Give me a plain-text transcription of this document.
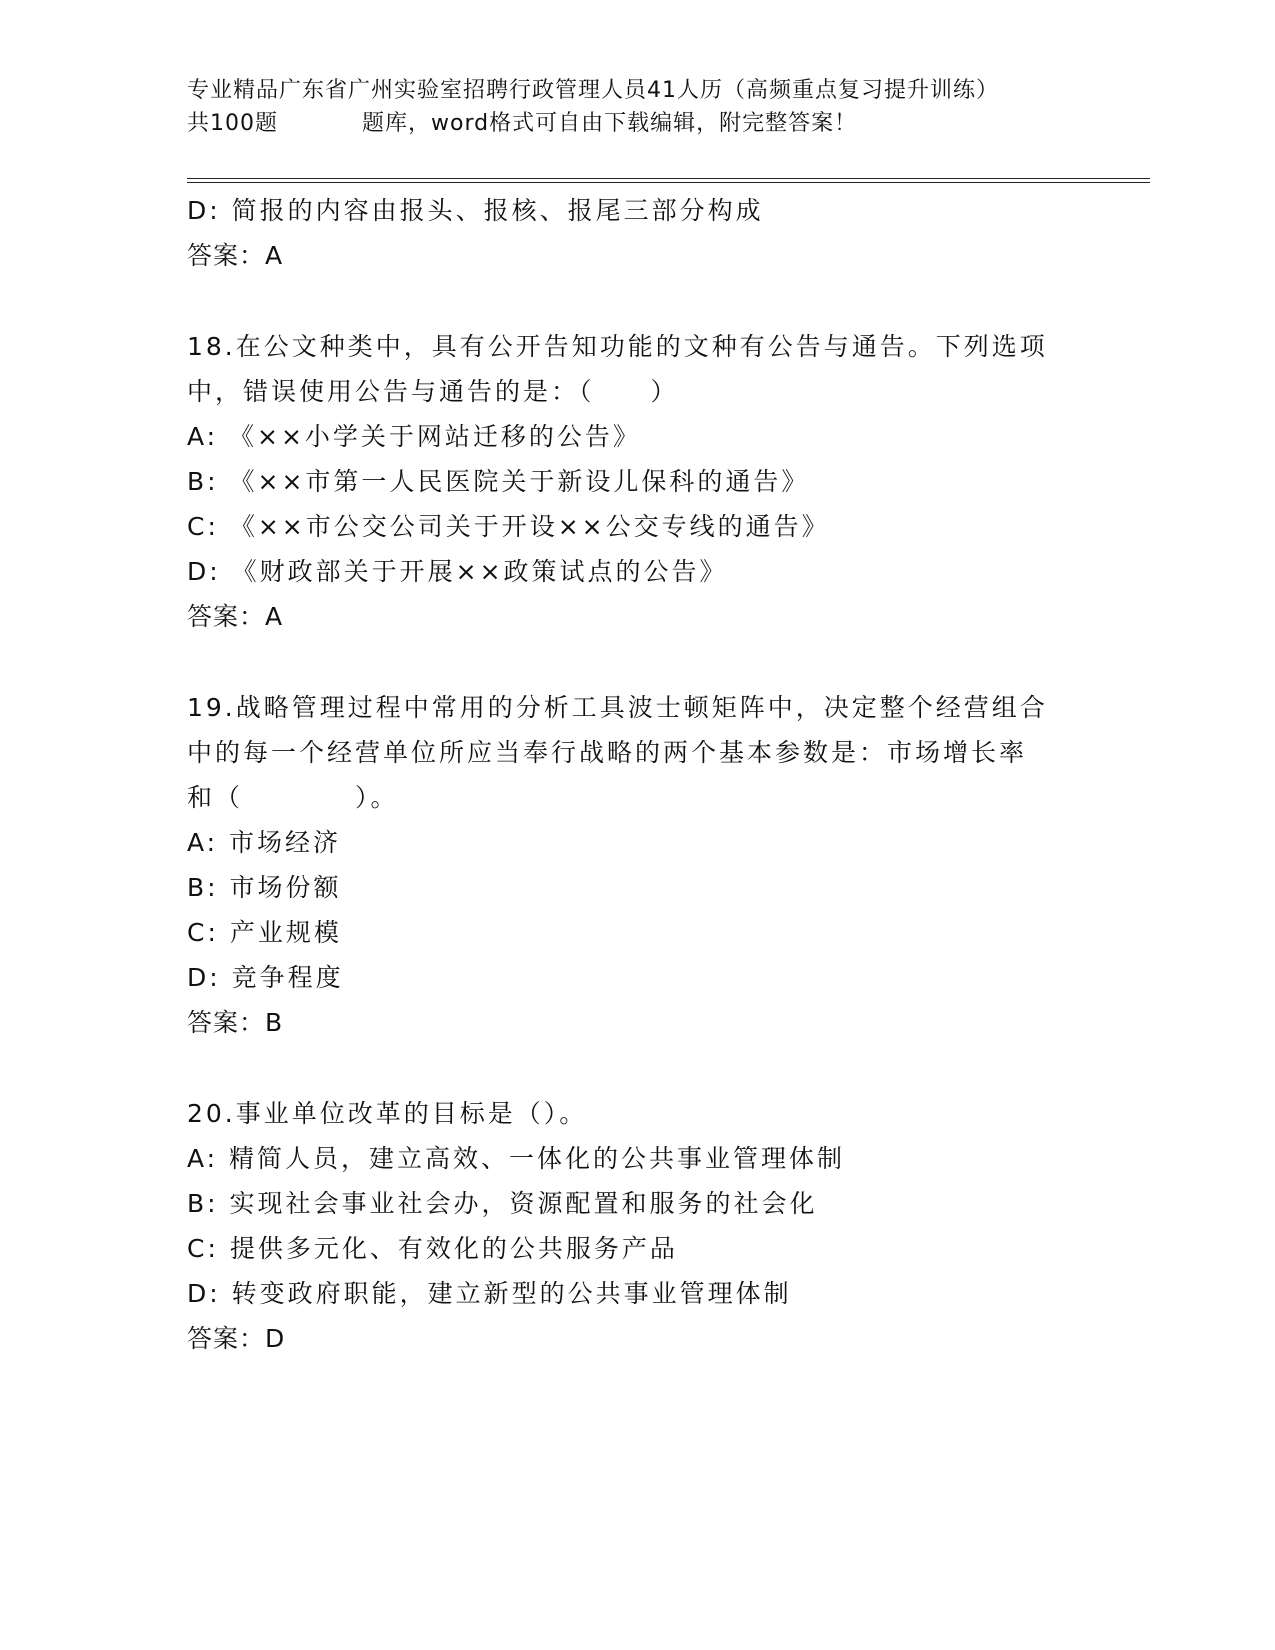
专业精品广东省广州实验室招聘行政管理人员41人历（高频重点复习提升训练）
共100题	题库，word格式可自由下载编辑，附完整答案！
D: 简报的内容由报头、报核、报尾三部分构成
答案：A
18.在公文种类中，具有公开告知功能的文种有公告与通告。下列选项
中，错误使用公告与通告的是：（　　）
A: 《××小学关于网站迁移的公告》
B: 《××市第一人民医院关于新设儿保科的通告》
C: 《××市公交公司关于开设××公交专线的通告》
D: 《财政部关于开展××政策试点的公告》
答案：A
19.战略管理过程中常用的分析工具波士顿矩阵中，决定整个经营组合
中的每一个经营单位所应当奉行战略的两个基本参数是：市场增长率
和（　　　　）。
A: 市场经济
B: 市场份额
C: 产业规模
D: 竞争程度
答案：B
20.事业单位改革的目标是（）。
A: 精简人员，建立高效、一体化的公共事业管理体制
B: 实现社会事业社会办，资源配置和服务的社会化
C: 提供多元化、有效化的公共服务产品
D: 转变政府职能，建立新型的公共事业管理体制
答案：D
